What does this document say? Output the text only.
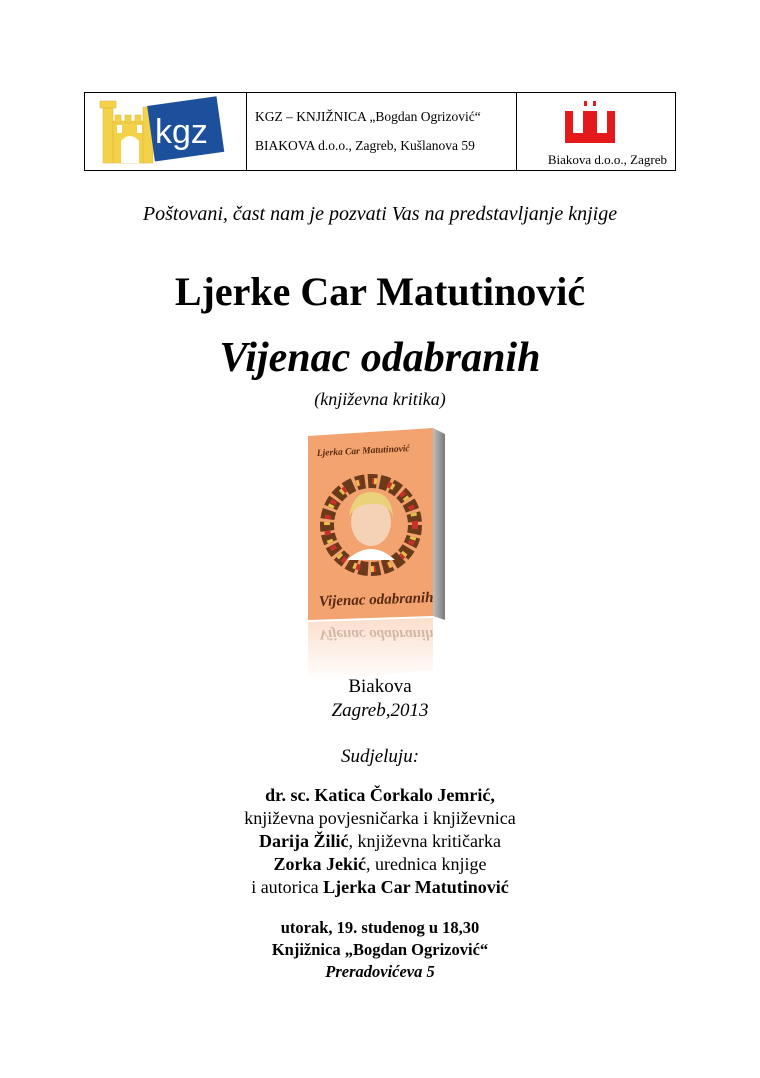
kgz	KGZ – KNJIŽNICA „Bogdan Ogrizović“
BIAKOVA d.o.o., Zagreb, Kušlanova 59
Biakova d.o.o., Zagreb
Poštovani, čast nam je pozvati Vas na predstavljanje knjige
Ljerke Car Matutinović
Vijenac odabranih
(književna kritika)
Ljerka Car Matutinović
Vijenac odabranih
Vijenac odabranih
Biakova
Zagreb,2013
Sudjeluju:
dr. sc. Katica Čorkalo Jemrić,
književna povjesničarka i književnica
Darija Žilić, književna kritičarka
Zorka Jekić, urednica knjige
i autorica Ljerka Car Matutinović
utorak, 19. studenog u 18,30
Knjižnica „Bogdan Ogrizović“
Preradovićeva 5
